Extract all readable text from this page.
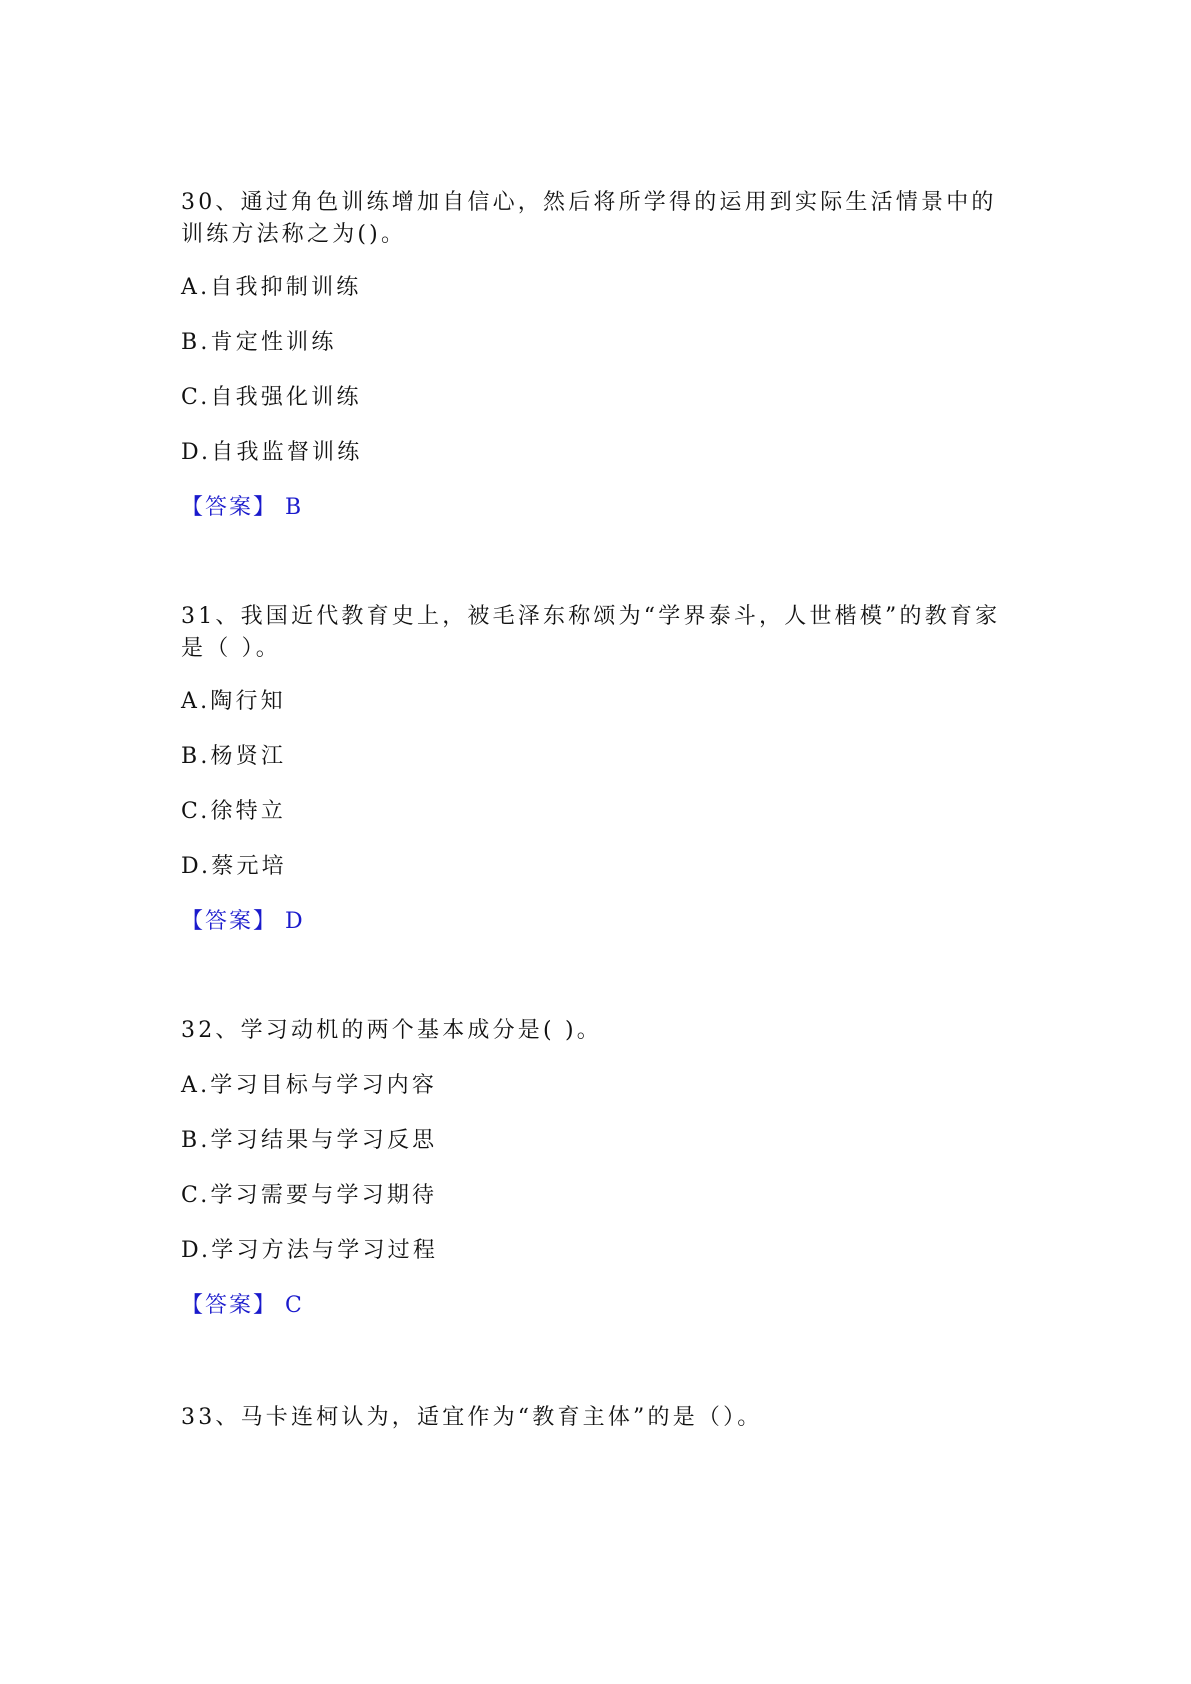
30、通过角色训练增加自信心，然后将所学得的运用到实际生活情景中的训练方法称之为()。

A.自我抑制训练
B.肯定性训练
C.自我强化训练
D.自我监督训练
【答案】 B

31、我国近代教育史上，被毛泽东称颂为“学界泰斗，人世楷模”的教育家是（ ）。

A.陶行知
B.杨贤江
C.徐特立
D.蔡元培
【答案】 D

32、学习动机的两个基本成分是( )。

A.学习目标与学习内容
B.学习结果与学习反思
C.学习需要与学习期待
D.学习方法与学习过程
【答案】 C

33、马卡连柯认为，适宜作为“教育主体”的是（）。
